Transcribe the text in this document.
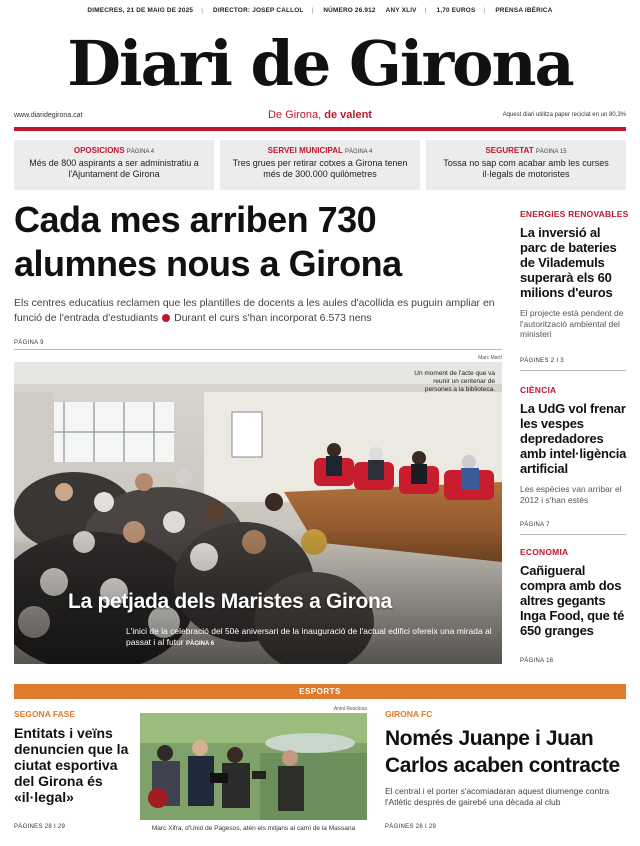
DIMECRES, 21 DE MAIG DE 2025 | DIRECTOR: JOSEP CALLOL | NÚMERO 26.912 ANY XLIV | 1,70 EUROS | PRENSA IBÉRICA
Diari de Girona
www.diaridegirona.cat	De Girona, de valent	Aquest diari utilitza paper reciclat en un 80,3%
OPOSICIONS PÀGINA 4
Més de 800 aspirants a ser administratiu a l'Ajuntament de Girona
SERVEI MUNICIPAL PÀGINA 4
Tres grues per retirar cotxes a Girona tenen més de 300.000 quilòmetres
SEGURETAT PÀGINA 15
Tossa no sap com acabar amb les curses il·legals de motoristes
Cada mes arriben 730 alumnes nous a Girona
Els centres educatius reclamen que les plantilles de docents a les aules d'acollida es puguin ampliar en funció de l'entrada d'estudiants Durant el curs s'han incorporat 6.573 nens
PÀGINA 9
Marc Martí
Un moment de l'acte que va reunir un centenar de persones a la biblioteca.
La petjada dels Maristes a Girona
L'inici de la celebració del 50è aniversari de la inauguració de l'actual edifici ofereix una mirada al passat i al futur PÀGINA 6
ENERGIES RENOVABLES
La inversió al parc de bateries de Vilademuls superarà els 60 milions d'euros
El projecte està pendent de l'autorització ambiental del ministeri
PÀGINES 2 I 3
CIÈNCIA
La UdG vol frenar les vespes depredadores amb intel·ligència artificial
Les espècies van arribar el 2012 i s'han estès
PÀGINA 7
ECONOMIA
Cañigueral compra amb dos altres gegants Inga Food, que té 650 granges
PÀGINA 16
ESPORTS
SEGONA FASE
Entitats i veïns denuncien que la ciutat esportiva del Girona és «il·legal»
PÀGINES 28 I 29
Aniol Resclosa
Marc Xifra, d'Unió de Pagesos, atén els mitjans al camí de la Massana
GIRONA FC
Només Juanpe i Juan Carlos acaben contracte
El central i el porter s'acomiadaran aquest diumenge contra l'Atlètic després de gairebé una dècada al club
PÀGINES 28 I 29
